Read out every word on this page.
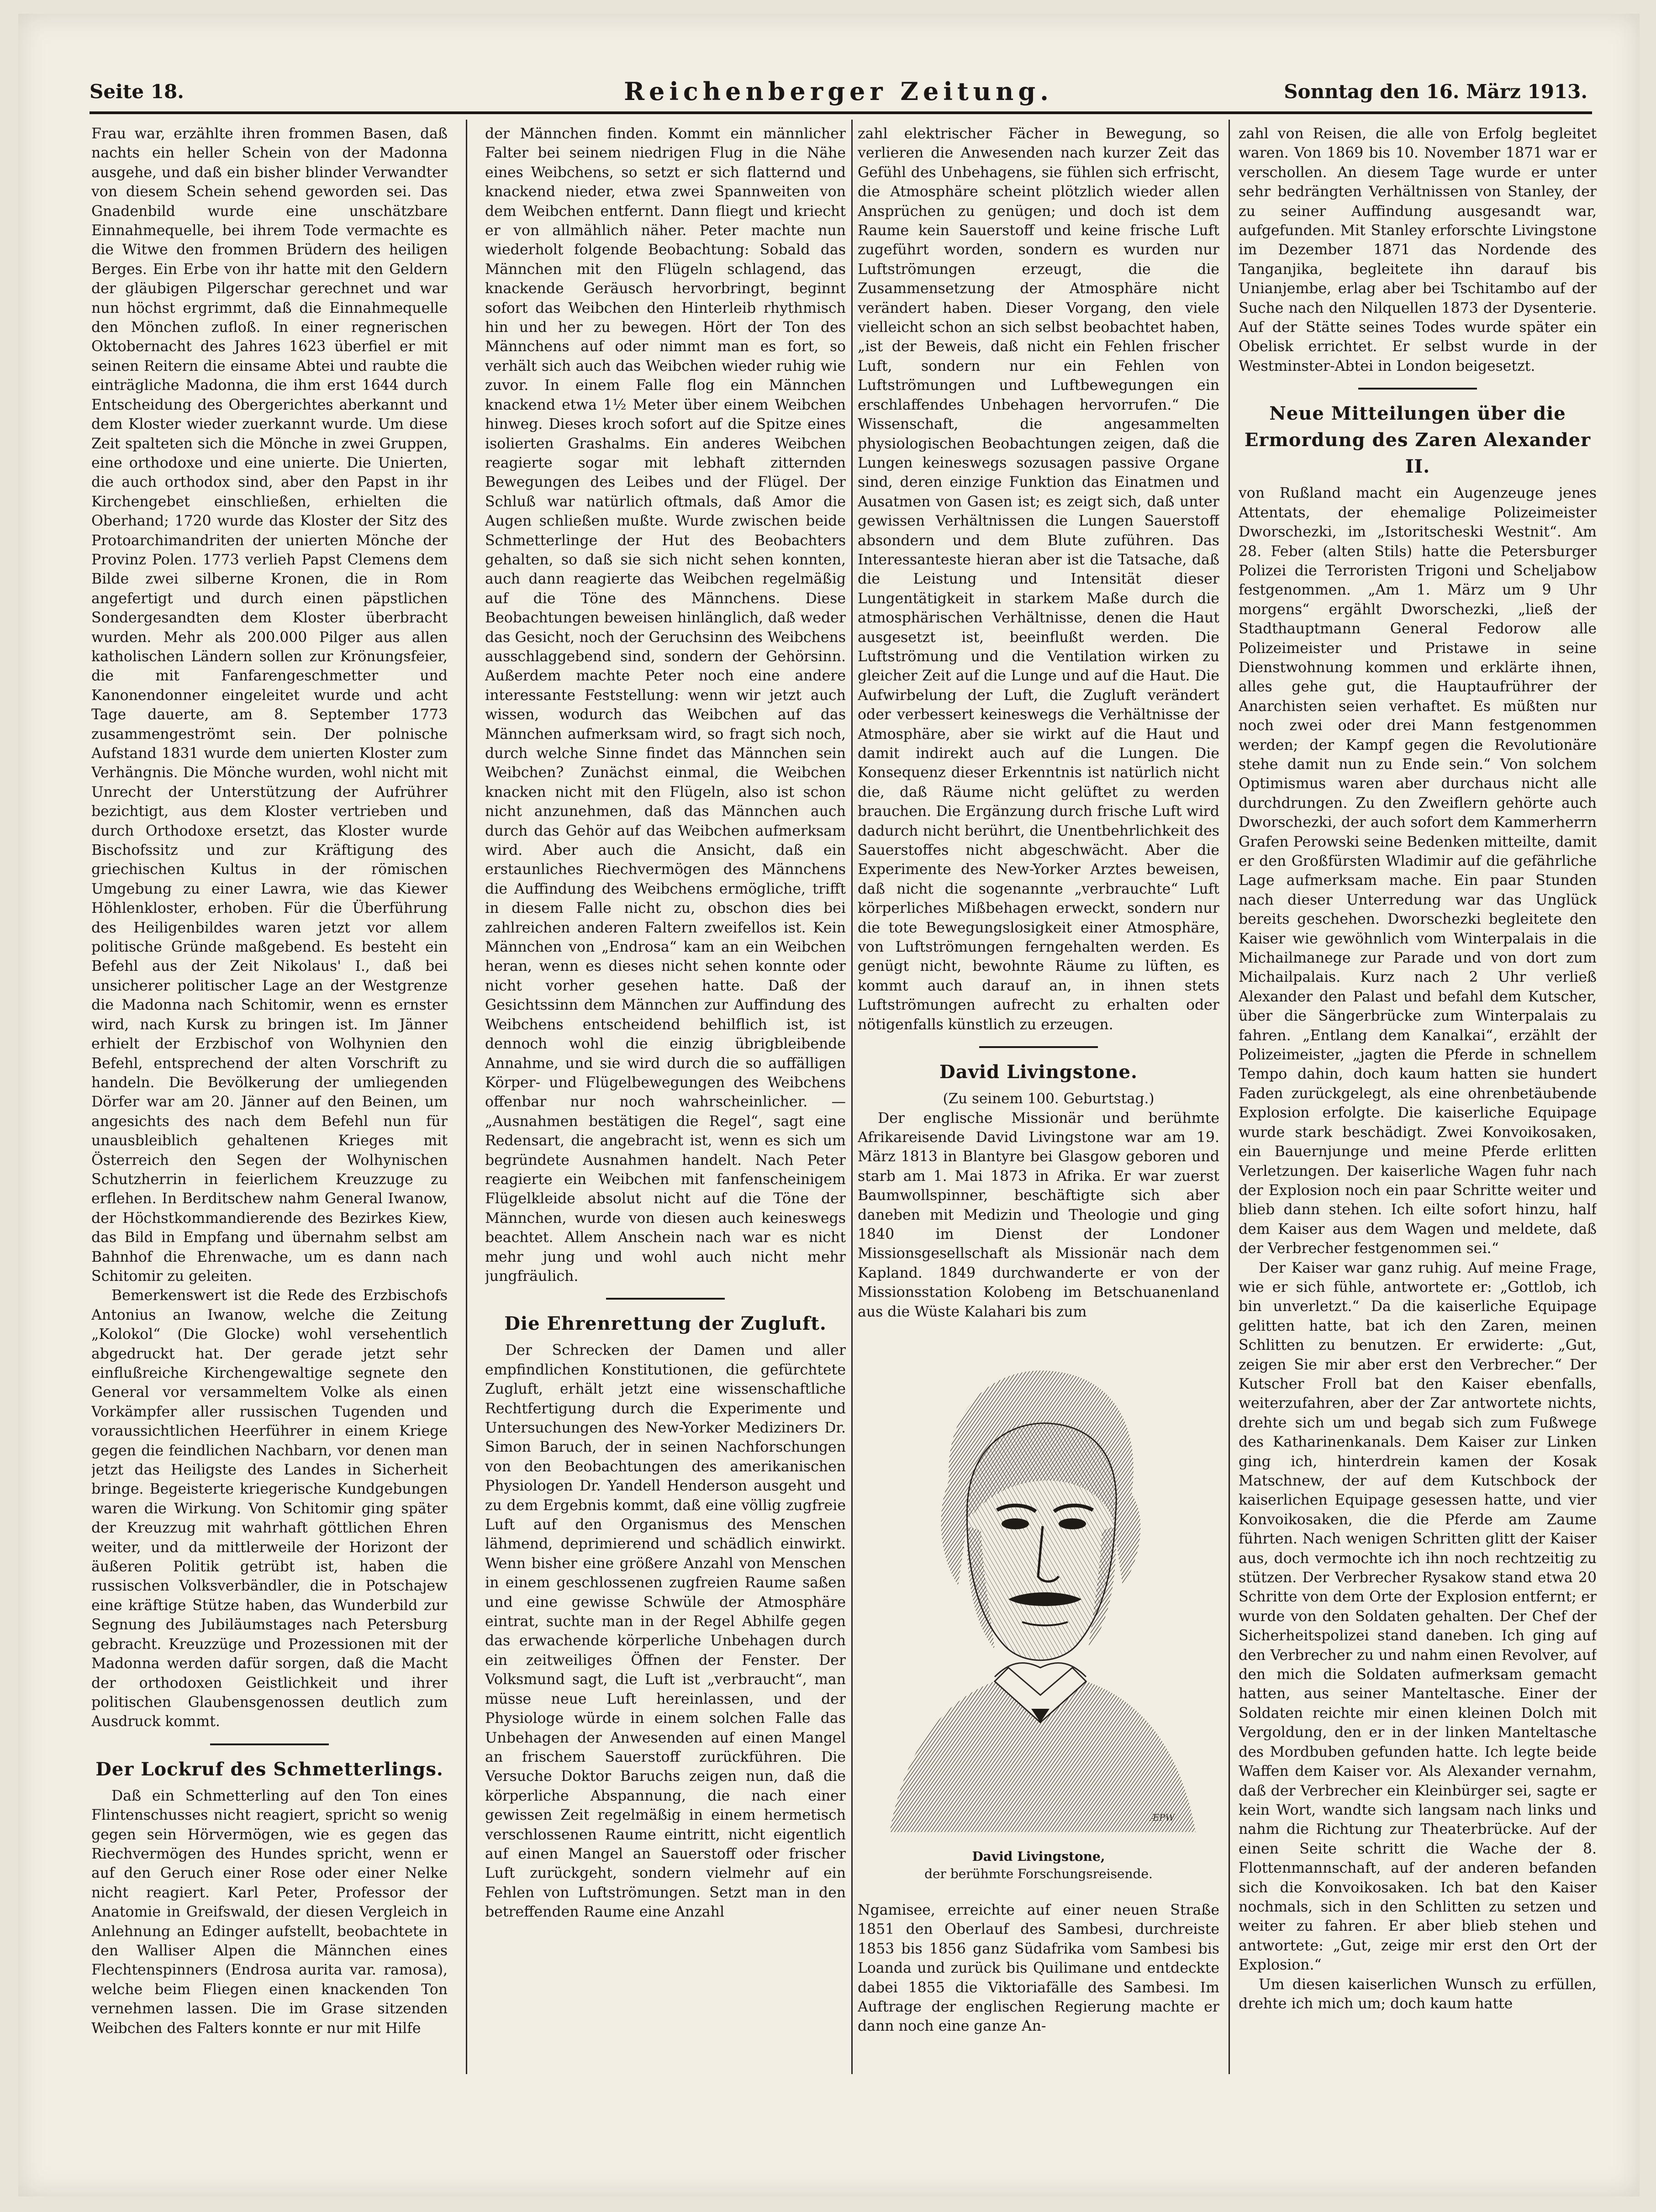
Seite 18.	Reichenberger Zeitung.	Sonntag den 16. März 1913.

Frau war, erzählte ihren frommen Basen, daß nachts ein heller Schein von der Madonna ausgehe, und daß ein bisher blinder Verwandter von diesem Schein sehend geworden sei. Das Gnadenbild wurde eine unschätzbare Einnahmequelle, bei ihrem Tode vermachte es die Witwe den frommen Brüdern des heiligen Berges. Ein Erbe von ihr hatte mit den Geldern der gläubigen Pilgerschar gerechnet und war nun höchst ergrimmt, daß die Einnahmequelle den Mönchen zufloß. In einer regnerischen Oktobernacht des Jahres 1623 überfiel er mit seinen Reitern die einsame Abtei und raubte die einträgliche Madonna, die ihm erst 1644 durch Entscheidung des Obergerichtes aberkannt und dem Kloster wieder zuerkannt wurde. Um diese Zeit spalteten sich die Mönche in zwei Gruppen, eine orthodoxe und eine unierte. Die Unierten, die auch orthodox sind, aber den Papst in ihr Kirchengebet einschließen, erhielten die Oberhand; 1720 wurde das Kloster der Sitz des Protoarchimandriten der unierten Mönche der Provinz Polen. 1773 verlieh Papst Clemens dem Bilde zwei silberne Kronen, die in Rom angefertigt und durch einen päpstlichen Sondergesandten dem Kloster überbracht wurden. Mehr als 200.000 Pilger aus allen katholischen Ländern sollen zur Krönungsfeier, die mit Fanfarengeschmetter und Kanonendonner eingeleitet wurde und acht Tage dauerte, am 8. September 1773 zusammengeströmt sein. Der polnische Aufstand 1831 wurde dem unierten Kloster zum Verhängnis. Die Mönche wurden, wohl nicht mit Unrecht der Unterstützung der Aufrührer bezichtigt, aus dem Kloster vertrieben und durch Orthodoxe ersetzt, das Kloster wurde Bischofssitz und zur Kräftigung des griechischen Kultus in der römischen Umgebung zu einer Lawra, wie das Kiewer Höhlenkloster, erhoben. Für die Überführung des Heiligenbildes waren jetzt vor allem politische Gründe maßgebend. Es besteht ein Befehl aus der Zeit Nikolaus' I., daß bei unsicherer politischer Lage an der Westgrenze die Madonna nach Schitomir, wenn es ernster wird, nach Kursk zu bringen ist. Im Jänner erhielt der Erzbischof von Wolhynien den Befehl, entsprechend der alten Vorschrift zu handeln. Die Bevölkerung der umliegenden Dörfer war am 20. Jänner auf den Beinen, um angesichts des nach dem Befehl nun für unausbleiblich gehaltenen Krieges mit Österreich den Segen der Wolhynischen Schutzherrin in feierlichem Kreuzzuge zu erflehen. In Berditschew nahm General Iwanow, der Höchstkommandierende des Bezirkes Kiew, das Bild in Empfang und übernahm selbst am Bahnhof die Ehrenwache, um es dann nach Schitomir zu geleiten.

Bemerkenswert ist die Rede des Erzbischofs Antonius an Iwanow, welche die Zeitung „Kolokol“ (Die Glocke) wohl versehentlich abgedruckt hat. Der gerade jetzt sehr einflußreiche Kirchengewaltige segnete den General vor versammeltem Volke als einen Vorkämpfer aller russischen Tugenden und voraussichtlichen Heerführer in einem Kriege gegen die feindlichen Nachbarn, vor denen man jetzt das Heiligste des Landes in Sicherheit bringe. Begeisterte kriegerische Kundgebungen waren die Wirkung. Von Schitomir ging später der Kreuzzug mit wahrhaft göttlichen Ehren weiter, und da mittlerweile der Horizont der äußeren Politik getrübt ist, haben die russischen Volksverbändler, die in Potschajew eine kräftige Stütze haben, das Wunderbild zur Segnung des Jubiläumstages nach Petersburg gebracht. Kreuzzüge und Prozessionen mit der Madonna werden dafür sorgen, daß die Macht der orthodoxen Geistlichkeit und ihrer politischen Glaubensgenossen deutlich zum Ausdruck kommt.

Der Lockruf des Schmetterlings.

Daß ein Schmetterling auf den Ton eines Flintenschusses nicht reagiert, spricht so wenig gegen sein Hörvermögen, wie es gegen das Riechvermögen des Hundes spricht, wenn er auf den Geruch einer Rose oder einer Nelke nicht reagiert. Karl Peter, Professor der Anatomie in Greifswald, der diesen Vergleich in Anlehnung an Edinger aufstellt, beobachtete in den Walliser Alpen die Männchen eines Flechtenspinners (Endrosa aurita var. ramosa), welche beim Fliegen einen knackenden Ton vernehmen lassen. Die im Grase sitzenden Weibchen des Falters konnte er nur mit Hilfe

der Männchen finden. Kommt ein männlicher Falter bei seinem niedrigen Flug in die Nähe eines Weibchens, so setzt er sich flatternd und knackend nieder, etwa zwei Spannweiten von dem Weibchen entfernt. Dann fliegt und kriecht er von allmählich näher. Peter machte nun wiederholt folgende Beobachtung: Sobald das Männchen mit den Flügeln schlagend, das knackende Geräusch hervorbringt, beginnt sofort das Weibchen den Hinterleib rhythmisch hin und her zu bewegen. Hört der Ton des Männchens auf oder nimmt man es fort, so verhält sich auch das Weibchen wieder ruhig wie zuvor. In einem Falle flog ein Männchen knackend etwa 1½ Meter über einem Weibchen hinweg. Dieses kroch sofort auf die Spitze eines isolierten Grashalms. Ein anderes Weibchen reagierte sogar mit lebhaft zitternden Bewegungen des Leibes und der Flügel. Der Schluß war natürlich oftmals, daß Amor die Augen schließen mußte. Wurde zwischen beide Schmetterlinge der Hut des Beobachters gehalten, so daß sie sich nicht sehen konnten, auch dann reagierte das Weibchen regelmäßig auf die Töne des Männchens. Diese Beobachtungen beweisen hinlänglich, daß weder das Gesicht, noch der Geruchsinn des Weibchens ausschlaggebend sind, sondern der Gehörsinn. Außerdem machte Peter noch eine andere interessante Feststellung: wenn wir jetzt auch wissen, wodurch das Weibchen auf das Männchen aufmerksam wird, so fragt sich noch, durch welche Sinne findet das Männchen sein Weibchen? Zunächst einmal, die Weibchen knacken nicht mit den Flügeln, also ist schon nicht anzunehmen, daß das Männchen auch durch das Gehör auf das Weibchen aufmerksam wird. Aber auch die Ansicht, daß ein erstaunliches Riechvermögen des Männchens die Auffindung des Weibchens ermögliche, trifft in diesem Falle nicht zu, obschon dies bei zahlreichen anderen Faltern zweifellos ist. Kein Männchen von „Endrosa“ kam an ein Weibchen heran, wenn es dieses nicht sehen konnte oder nicht vorher gesehen hatte. Daß der Gesichtssinn dem Männchen zur Auffindung des Weibchens entscheidend behilflich ist, ist dennoch wohl die einzig übrigbleibende Annahme, und sie wird durch die so auffälligen Körper- und Flügelbewegungen des Weibchens offenbar nur noch wahrscheinlicher. — „Ausnahmen bestätigen die Regel“, sagt eine Redensart, die angebracht ist, wenn es sich um begründete Ausnahmen handelt. Nach Peter reagierte ein Weibchen mit fanfenscheinigem Flügelkleide absolut nicht auf die Töne der Männchen, wurde von diesen auch keineswegs beachtet. Allem Anschein nach war es nicht mehr jung und wohl auch nicht mehr jungfräulich.

Die Ehrenrettung der Zugluft.

Der Schrecken der Damen und aller empfindlichen Konstitutionen, die gefürchtete Zugluft, erhält jetzt eine wissenschaftliche Rechtfertigung durch die Experimente und Untersuchungen des New-Yorker Mediziners Dr. Simon Baruch, der in seinen Nachforschungen von den Beobachtungen des amerikanischen Physiologen Dr. Yandell Henderson ausgeht und zu dem Ergebnis kommt, daß eine völlig zugfreie Luft auf den Organismus des Menschen lähmend, deprimierend und schädlich einwirkt. Wenn bisher eine größere Anzahl von Menschen in einem geschlossenen zugfreien Raume saßen und eine gewisse Schwüle der Atmosphäre eintrat, suchte man in der Regel Abhilfe gegen das erwachende körperliche Unbehagen durch ein zeitweiliges Öffnen der Fenster. Der Volksmund sagt, die Luft ist „verbraucht“, man müsse neue Luft hereinlassen, und der Physiologe würde in einem solchen Falle das Unbehagen der Anwesenden auf einen Mangel an frischem Sauerstoff zurückführen. Die Versuche Doktor Baruchs zeigen nun, daß die körperliche Abspannung, die nach einer gewissen Zeit regelmäßig in einem hermetisch verschlossenen Raume eintritt, nicht eigentlich auf einen Mangel an Sauerstoff oder frischer Luft zurückgeht, sondern vielmehr auf ein Fehlen von Luftströmungen. Setzt man in den betreffenden Raume eine Anzahl

zahl elektrischer Fächer in Bewegung, so verlieren die Anwesenden nach kurzer Zeit das Gefühl des Unbehagens, sie fühlen sich erfrischt, die Atmosphäre scheint plötzlich wieder allen Ansprüchen zu genügen; und doch ist dem Raume kein Sauerstoff und keine frische Luft zugeführt worden, sondern es wurden nur Luftströmungen erzeugt, die die Zusammensetzung der Atmosphäre nicht verändert haben. Dieser Vorgang, den viele vielleicht schon an sich selbst beobachtet haben, „ist der Beweis, daß nicht ein Fehlen frischer Luft, sondern nur ein Fehlen von Luftströmungen und Luftbewegungen ein erschlaffendes Unbehagen hervorrufen.“ Die Wissenschaft, die angesammelten physiologischen Beobachtungen zeigen, daß die Lungen keineswegs sozusagen passive Organe sind, deren einzige Funktion das Einatmen und Ausatmen von Gasen ist; es zeigt sich, daß unter gewissen Verhältnissen die Lungen Sauerstoff absondern und dem Blute zuführen. Das Interessanteste hieran aber ist die Tatsache, daß die Leistung und Intensität dieser Lungentätigkeit in starkem Maße durch die atmosphärischen Verhältnisse, denen die Haut ausgesetzt ist, beeinflußt werden. Die Luftströmung und die Ventilation wirken zu gleicher Zeit auf die Lunge und auf die Haut. Die Aufwirbelung der Luft, die Zugluft verändert oder verbessert keineswegs die Verhältnisse der Atmosphäre, aber sie wirkt auf die Haut und damit indirekt auch auf die Lungen. Die Konsequenz dieser Erkenntnis ist natürlich nicht die, daß Räume nicht gelüftet zu werden brauchen. Die Ergänzung durch frische Luft wird dadurch nicht berührt, die Unentbehrlichkeit des Sauerstoffes nicht abgeschwächt. Aber die Experimente des New-Yorker Arztes beweisen, daß nicht die sogenannte „verbrauchte“ Luft körperliches Mißbehagen erweckt, sondern nur die tote Bewegungslosigkeit einer Atmosphäre, von Luftströmungen ferngehalten werden. Es genügt nicht, bewohnte Räume zu lüften, es kommt auch darauf an, in ihnen stets Luftströmungen aufrecht zu erhalten oder nötigenfalls künstlich zu erzeugen.

David Livingstone.

(Zu seinem 100. Geburtstag.)

Der englische Missionär und berühmte Afrikareisende David Livingstone war am 19. März 1813 in Blantyre bei Glasgow geboren und starb am 1. Mai 1873 in Afrika. Er war zuerst Baumwollspinner, beschäftigte sich aber daneben mit Medizin und Theologie und ging 1840 im Dienst der Londoner Missionsgesellschaft als Missionär nach dem Kapland. 1849 durchwanderte er von der Missionsstation Kolobeng im Betschuanenland aus die Wüste Kalahari bis zum

ÆPW
David Livingstone,
der berühmte Forschungsreisende.

Ngamisee, erreichte auf einer neuen Straße 1851 den Oberlauf des Sambesi, durchreiste 1853 bis 1856 ganz Südafrika vom Sambesi bis Loanda und zurück bis Quilimane und entdeckte dabei 1855 die Viktoriafälle des Sambesi. Im Auftrage der englischen Regierung machte er dann noch eine ganze An-

zahl von Reisen, die alle von Erfolg begleitet waren. Von 1869 bis 10. November 1871 war er verschollen. An diesem Tage wurde er unter sehr bedrängten Verhältnissen von Stanley, der zu seiner Auffindung ausgesandt war, aufgefunden. Mit Stanley erforschte Livingstone im Dezember 1871 das Nordende des Tanganjika, begleitete ihn darauf bis Unianjembe, erlag aber bei Tschitambo auf der Suche nach den Nilquellen 1873 der Dysenterie. Auf der Stätte seines Todes wurde später ein Obelisk errichtet. Er selbst wurde in der Westminster-Abtei in London beigesetzt.

Neue Mitteilungen über die Ermordung des Zaren Alexander II.

von Rußland macht ein Augenzeuge jenes Attentats, der ehemalige Polizeimeister Dworschezki, im „Istoritscheski Westnit“. Am 28. Feber (alten Stils) hatte die Petersburger Polizei die Terroristen Trigoni und Scheljabow festgenommen. „Am 1. März um 9 Uhr morgens“ ergählt Dworschezki, „ließ der Stadthauptmann General Fedorow alle Polizeimeister und Pristawe in seine Dienstwohnung kommen und erklärte ihnen, alles gehe gut, die Hauptaufrührer der Anarchisten seien verhaftet. Es müßten nur noch zwei oder drei Mann festgenommen werden; der Kampf gegen die Revolutionäre stehe damit nun zu Ende sein.“ Von solchem Optimismus waren aber durchaus nicht alle durchdrungen. Zu den Zweiflern gehörte auch Dworschezki, der auch sofort dem Kammerherrn Grafen Perowski seine Bedenken mitteilte, damit er den Großfürsten Wladimir auf die gefährliche Lage aufmerksam mache. Ein paar Stunden nach dieser Unterredung war das Unglück bereits geschehen. Dworschezki begleitete den Kaiser wie gewöhnlich vom Winterpalais in die Michailmanege zur Parade und von dort zum Michailpalais. Kurz nach 2 Uhr verließ Alexander den Palast und befahl dem Kutscher, über die Sängerbrücke zum Winterpalais zu fahren. „Entlang dem Kanalkai“, erzählt der Polizeimeister, „jagten die Pferde in schnellem Tempo dahin, doch kaum hatten sie hundert Faden zurückgelegt, als eine ohrenbetäubende Explosion erfolgte. Die kaiserliche Equipage wurde stark beschädigt. Zwei Konvoikosaken, ein Bauernjunge und meine Pferde erlitten Verletzungen. Der kaiserliche Wagen fuhr nach der Explosion noch ein paar Schritte weiter und blieb dann stehen. Ich eilte sofort hinzu, half dem Kaiser aus dem Wagen und meldete, daß der Verbrecher festgenommen sei.“

Der Kaiser war ganz ruhig. Auf meine Frage, wie er sich fühle, antwortete er: „Gottlob, ich bin unverletzt.“ Da die kaiserliche Equipage gelitten hatte, bat ich den Zaren, meinen Schlitten zu benutzen. Er erwiderte: „Gut, zeigen Sie mir aber erst den Verbrecher.“ Der Kutscher Froll bat den Kaiser ebenfalls, weiterzufahren, aber der Zar antwortete nichts, drehte sich um und begab sich zum Fußwege des Katharinenkanals. Dem Kaiser zur Linken ging ich, hinterdrein kamen der Kosak Matschnew, der auf dem Kutschbock der kaiserlichen Equipage gesessen hatte, und vier Konvoikosaken, die die Pferde am Zaume führten. Nach wenigen Schritten glitt der Kaiser aus, doch vermochte ich ihn noch rechtzeitig zu stützen. Der Verbrecher Rysakow stand etwa 20 Schritte von dem Orte der Explosion entfernt; er wurde von den Soldaten gehalten. Der Chef der Sicherheitspolizei stand daneben. Ich ging auf den Verbrecher zu und nahm einen Revolver, auf den mich die Soldaten aufmerksam gemacht hatten, aus seiner Manteltasche. Einer der Soldaten reichte mir einen kleinen Dolch mit Vergoldung, den er in der linken Manteltasche des Mordbuben gefunden hatte. Ich legte beide Waffen dem Kaiser vor. Als Alexander vernahm, daß der Verbrecher ein Kleinbürger sei, sagte er kein Wort, wandte sich langsam nach links und nahm die Richtung zur Theaterbrücke. Auf der einen Seite schritt die Wache der 8. Flottenmannschaft, auf der anderen befanden sich die Konvoikosaken. Ich bat den Kaiser nochmals, sich in den Schlitten zu setzen und weiter zu fahren. Er aber blieb stehen und antwortete: „Gut, zeige mir erst den Ort der Explosion.“

Um diesen kaiserlichen Wunsch zu erfüllen, drehte ich mich um; doch kaum hatte
